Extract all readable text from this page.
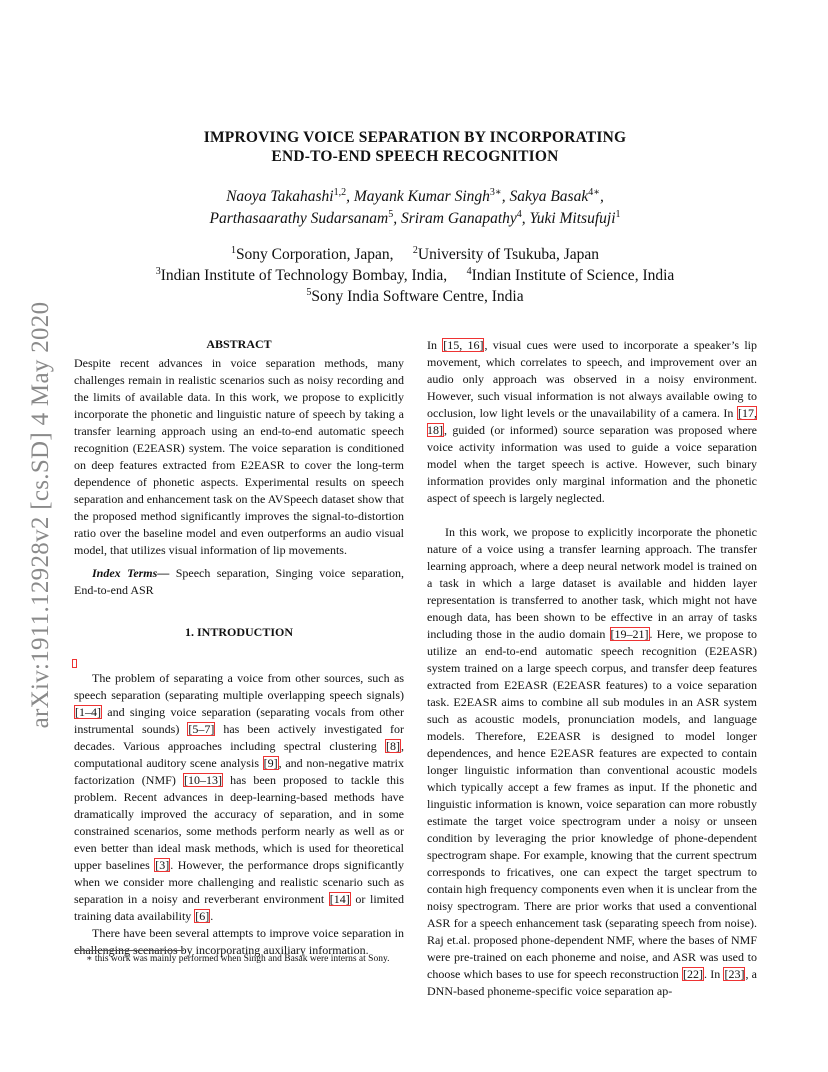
arXiv:1911.12928v2 [cs.SD] 4 May 2020
IMPROVING VOICE SEPARATION BY INCORPORATING
END-TO-END SPEECH RECOGNITION
Naoya Takahashi$^{1,2}$, Mayank Kumar Singh$^{3∗}$, Sakya Basak$^{4∗}$,
Parthasaarathy Sudarsanam$^5$, Sriram Ganapathy$^4$, Yuki Mitsufuji$^1$
$^1$Sony Corporation, Japan, $^2$University of Tsukuba, Japan
$^3$Indian Institute of Technology Bombay, India, $^4$Indian Institute of Science, India
$^5$Sony India Software Centre, India
ABSTRACT

Despite recent advances in voice separation methods, many challenges remain in realistic scenarios such as noisy recording and the limits of available data. In this work, we propose to explicitly incorporate the phonetic and linguistic nature of speech by taking a transfer learning approach using an end-to-end automatic speech recognition (E2EASR) system. The voice separation is conditioned on deep features extracted from E2EASR to cover the long-term dependence of phonetic aspects. Experimental results on speech separation and enhancement task on the AVSpeech dataset show that the proposed method significantly improves the signal-to-distortion ratio over the baseline model and even outperforms an audio visual model, that utilizes visual information of lip movements.

Index Terms— Speech separation, Singing voice separation, End-to-end ASR

1. INTRODUCTION

The problem of separating a voice from other sources, such as speech separation (separating multiple overlapping speech signals) [1–4] and singing voice separation (separating vocals from other instrumental sounds) [5–7] has been actively investigated for decades. Various approaches including spectral clustering [8], computational auditory scene analysis [9], and non-negative matrix factorization (NMF) [10–13] has been proposed to tackle this problem. Recent advances in deep-learning-based methods have dramatically improved the accuracy of separation, and in some constrained scenarios, some methods perform nearly as well as or even better than ideal mask methods, which is used for theoretical upper baselines [3]. However, the performance drops significantly when we consider more challenging and realistic scenario such as separation in a noisy and reverberant environment [14] or limited training data availability [6].

There have been several attempts to improve voice separation in challenging scenarios by incorporating auxiliary information.

∗ this work was mainly performed when Singh and Basak were interns at Sony.

In [15, 16], visual cues were used to incorporate a speaker’s lip movement, which correlates to speech, and improvement over an audio only approach was observed in a noisy environment. However, such visual information is not always available owing to occlusion, low light levels or the unavailability of a camera. In [17, 18], guided (or informed) source separation was proposed where voice activity information was used to guide a voice separation model when the target speech is active. However, such binary information provides only marginal information and the phonetic aspect of speech is largely neglected.

In this work, we propose to explicitly incorporate the phonetic nature of a voice using a transfer learning approach. The transfer learning approach, where a deep neural network model is trained on a task in which a large dataset is available and hidden layer representation is transferred to another task, which might not have enough data, has been shown to be effective in an array of tasks including those in the audio domain [19–21]. Here, we propose to utilize an end-to-end automatic speech recognition (E2EASR) system trained on a large speech corpus, and transfer deep features extracted from E2EASR (E2EASR features) to a voice separation task. E2EASR aims to combine all sub modules in an ASR system such as acoustic models, pronunciation models, and language models. Therefore, E2EASR is designed to model longer dependences, and hence E2EASR features are expected to contain longer linguistic information than conventional acoustic models which typically accept a few frames as input. If the phonetic and linguistic information is known, voice separation can more robustly estimate the target voice spectrogram under a noisy or unseen condition by leveraging the prior knowledge of phone-dependent spectrogram shape. For example, knowing that the current spectrum corresponds to fricatives, one can expect the target spectrum to contain high frequency components even when it is unclear from the noisy spectrogram. There are prior works that used a conventional ASR for a speech enhancement task (separating speech from noise). Raj et.al. proposed phone-dependent NMF, where the bases of NMF were pre-trained on each phoneme and noise, and ASR was used to choose which bases to use for speech reconstruction [22]. In [23], a DNN-based phoneme-specific voice separation ap-
